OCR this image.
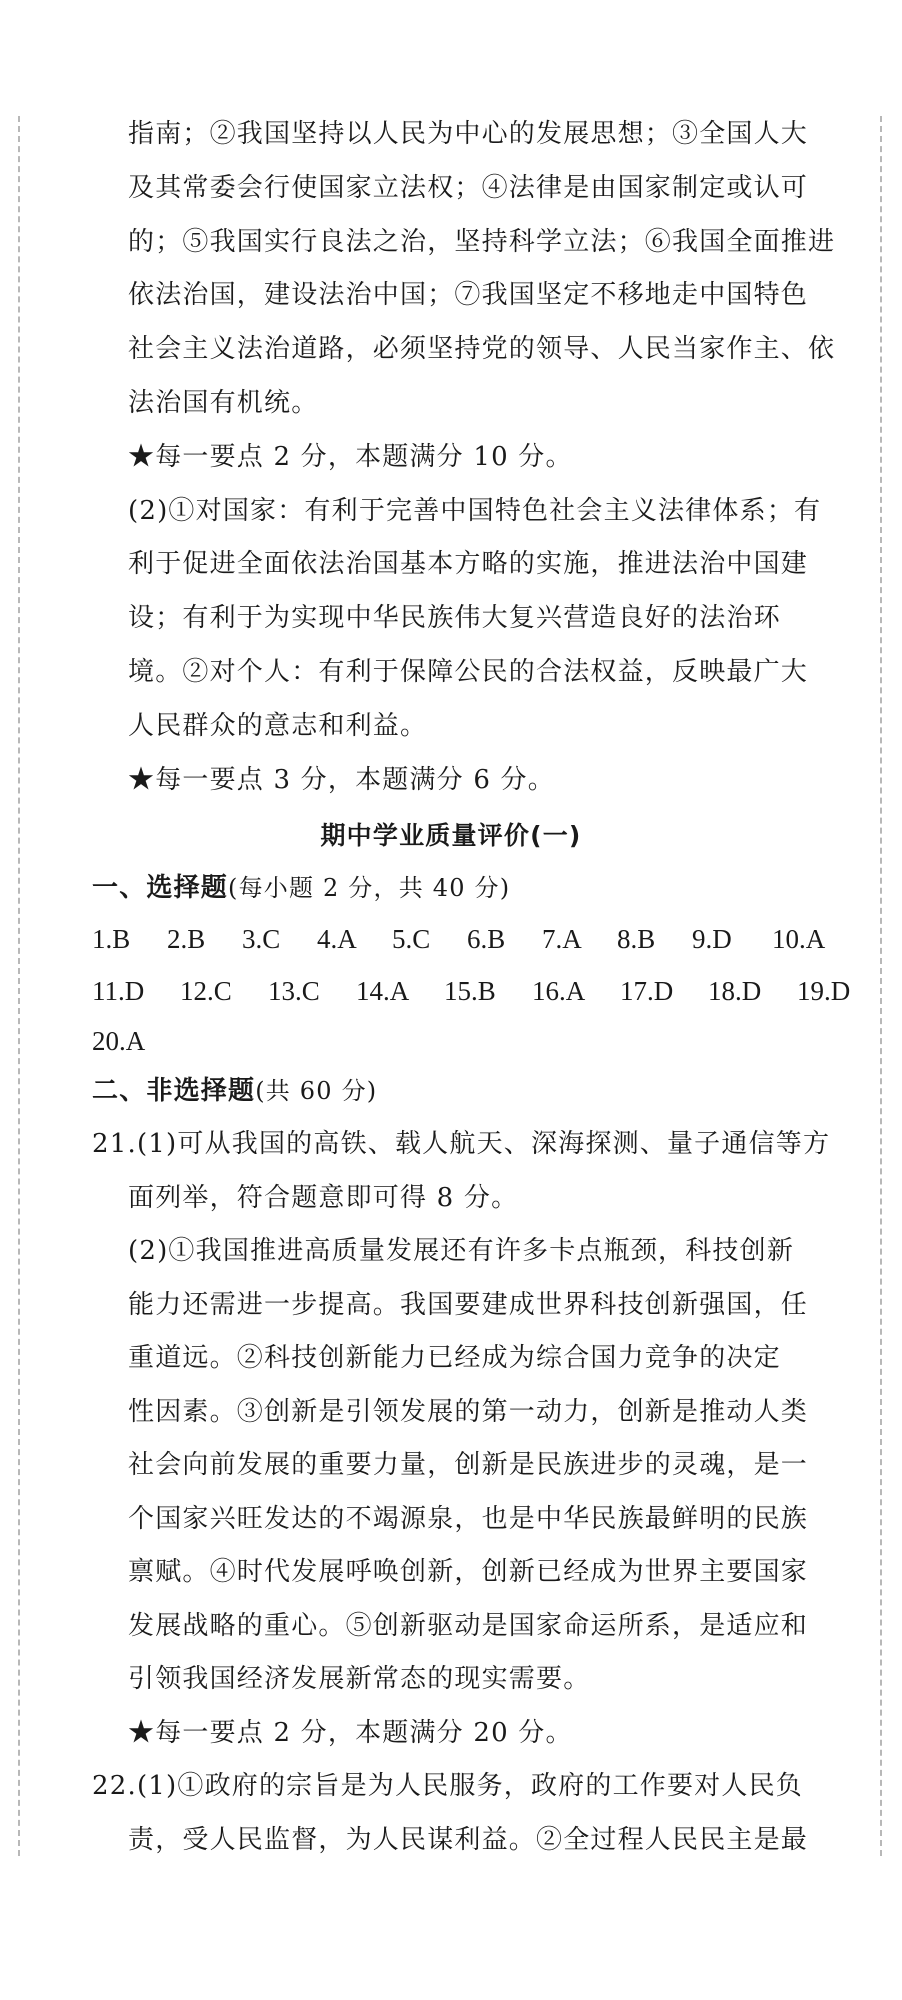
指南；②我国坚持以人民为中心的发展思想；③全国人大
及其常委会行使国家立法权；④法律是由国家制定或认可
的；⑤我国实行良法之治，坚持科学立法；⑥我国全面推进
依法治国，建设法治中国；⑦我国坚定不移地走中国特色
社会主义法治道路，必须坚持党的领导、人民当家作主、依
法治国有机统。
★每一要点 2 分，本题满分 10 分。
(2)①对国家：有利于完善中国特色社会主义法律体系；有
利于促进全面依法治国基本方略的实施，推进法治中国建
设；有利于为实现中华民族伟大复兴营造良好的法治环
境。②对个人：有利于保障公民的合法权益，反映最广大
人民群众的意志和利益。
★每一要点 3 分，本题满分 6 分。
期中学业质量评价(一)
一、选择题(每小题 2 分，共 40 分)
1.B 2.B 3.C 4.A 5.C 6.B 7.A 8.B 9.D 10.A
11.D 12.C 13.C 14.A 15.B 16.A 17.D 18.D 19.D
20.A
二、非选择题(共 60 分)
21.(1)可从我国的高铁、载人航天、深海探测、量子通信等方
面列举，符合题意即可得 8 分。
(2)①我国推进高质量发展还有许多卡点瓶颈，科技创新
能力还需进一步提高。我国要建成世界科技创新强国，任
重道远。②科技创新能力已经成为综合国力竞争的决定
性因素。③创新是引领发展的第一动力，创新是推动人类
社会向前发展的重要力量，创新是民族进步的灵魂，是一
个国家兴旺发达的不竭源泉，也是中华民族最鲜明的民族
禀赋。④时代发展呼唤创新，创新已经成为世界主要国家
发展战略的重心。⑤创新驱动是国家命运所系，是适应和
引领我国经济发展新常态的现实需要。
★每一要点 2 分，本题满分 20 分。
22.(1)①政府的宗旨是为人民服务，政府的工作要对人民负
责，受人民监督，为人民谋利益。②全过程人民民主是最
